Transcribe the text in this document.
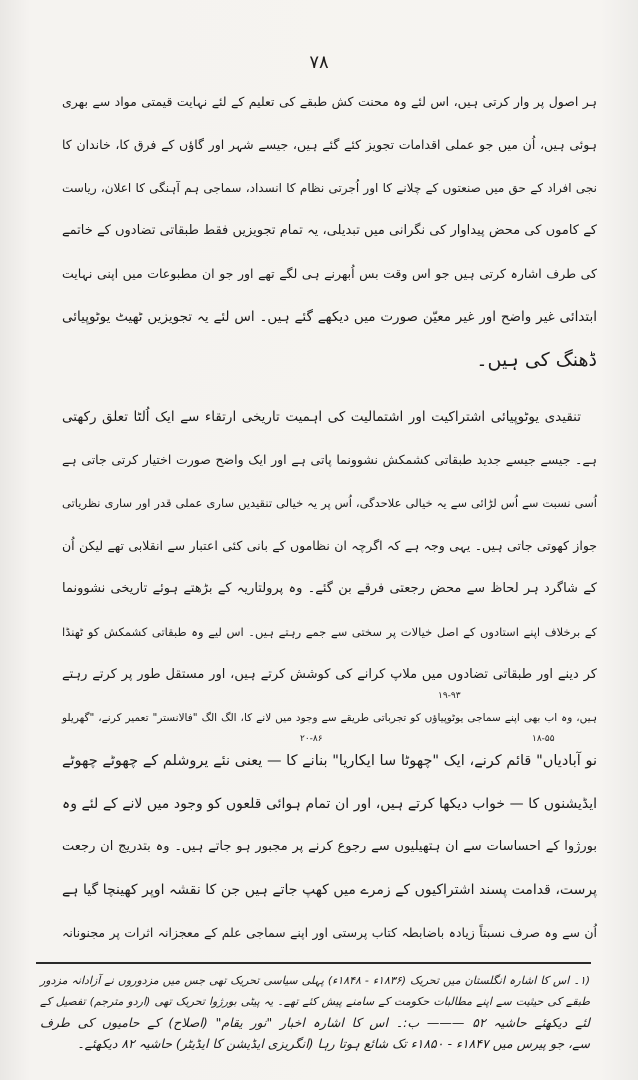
۷۸
ہر اصول پر وار کرتی ہیں، اس لئے وہ محنت کش طبقے کی تعلیم کے لئے نہایت قیمتی مواد سے بھری
ہوئی ہیں، اُن میں جو عملی اقدامات تجویز کئے گئے ہیں، جیسے شہر اور گاؤں کے فرق کا، خاندان کا
نجی افراد کے حق میں صنعتوں کے چلانے کا اور اُجرتی نظام کا انسداد، سماجی ہم آہنگی کا اعلان، ریاست
کے کاموں کی محض پیداوار کی نگرانی میں تبدیلی، یہ تمام تجویزیں فقط طبقاتی تضادوں کے خاتمے
کی طرف اشارہ کرتی ہیں جو اس وقت بس اُبھرنے ہی لگے تھے اور جو ان مطبوعات میں اپنی نہایت
ابتدائی غیر واضح اور غیر معیّن صورت میں دیکھے گئے ہیں۔ اس لئے یہ تجویزیں ٹھیٹ یوٹوپیائی
ڈھنگ کی ہیں۔
تنقیدی یوٹوپیائی اشتراکیت اور اشتمالیت کی اہمیت تاریخی ارتقاء سے ایک اُلٹا تعلق رکھتی
ہے۔ جیسے جیسے جدید طبقاتی کشمکش نشوونما پاتی ہے اور ایک واضح صورت اختیار کرتی جاتی ہے
اُسی نسبت سے اُس لڑائی سے یہ خیالی علاحدگی، اُس پر یہ خیالی تنقیدیں ساری عملی قدر اور ساری نظریاتی
جواز کھوتی جاتی ہیں۔ یہی وجہ ہے کہ اگرچہ ان نظاموں کے بانی کئی اعتبار سے انقلابی تھے لیکن اُن
کے شاگرد ہر لحاظ سے محض رجعتی فرقے بن گئے۔ وہ پرولتاریہ کے بڑھتے ہوئے تاریخی نشوونما
کے برخلاف اپنے استادوں کے اصل خیالات پر سختی سے جمے رہتے ہیں۔ اس لیے وہ طبقاتی کشمکش کو ٹھنڈا
کر دینے اور طبقاتی تضادوں میں ملاپ کرانے کی کوشش کرتے ہیں، اور مستقل طور پر کرتے رہتے
ہیں، وہ اب بھی اپنے سماجی یوٹوپیاؤں کو تجرباتی طریقے سے وجود میں لانے کا، الگ الگ "فالانستر" تعمیر کرنے، "گھریلو
نو آبادیاں" قائم کرنے، ایک "چھوٹا سا ایکاریا" بنانے کا — یعنی نئے یروشلم کے چھوٹے چھوٹے
ایڈیشنوں کا — خواب دیکھا کرتے ہیں، اور ان تمام ہوائی قلعوں کو وجود میں لانے کے لئے وہ
بورژوا کے احساسات سے ان ہتھیلیوں سے رجوع کرنے پر مجبور ہو جاتے ہیں۔ وہ بتدریج ان رجعت
پرست، قدامت پسند اشتراکیوں کے زمرے میں کھپ جاتے ہیں جن کا نقشہ اوپر کھینچا گیا ہے
اُن سے وہ صرف نسبتاً زیادہ باضابطہ کتاب پرستی اور اپنے سماجی علم کے معجزانہ اثرات پر مجنونانہ
۱۹-۹۳
۲۰-۸۶	۱۸-۵۵
(۱۔ اس کا اشارہ انگلستان میں تحریک (۱۸۳۶ء - ۱۸۴۸ء) پہلی سیاسی تحریک تھی جس میں مزدوروں نے آزادانہ مزدور
طبقے کی حیثیت سے اپنے مطالبات حکومت کے سامنے پیش کئے تھے۔ یہ پیٹی بورژوا تحریک تھی (اردو مترجم) تفصیل کے
لئے دیکھئے حاشیہ ۵۲ ——— ب:۔ اس کا اشارہ اخبار "نور یقام" (اصلاح) کے حامیوں کی طرف
سے، جو پیرس میں ۱۸۴۷ء - ۱۸۵۰ء تک شائع ہوتا رہا (انگریزی ایڈیشن کا ایڈیٹر) حاشیہ ۸۲ دیکھئے۔
